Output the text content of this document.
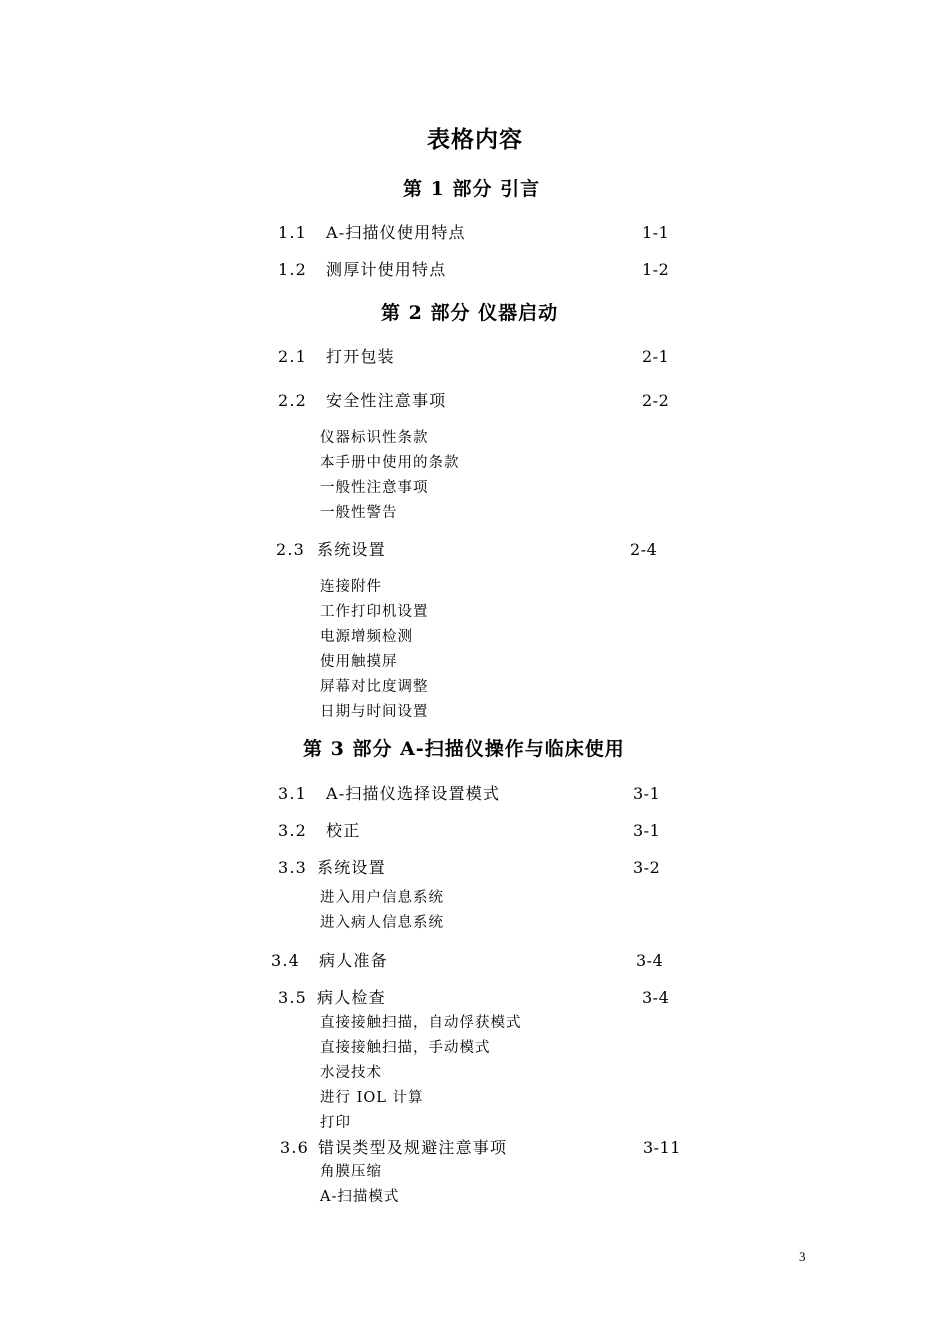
表格内容
第 1 部分 引言
1.1 A-扫描仪使用特点	1-1
1.2 测厚计使用特点	1-2
第 2 部分 仪器启动
2.1 打开包装	2-1
2.2 安全性注意事项	2-2
仪器标识性条款
本手册中使用的条款
一般性注意事项
一般性警告
2.3 系统设置	2-4
连接附件
工作打印机设置
电源增频检测
使用触摸屏
屏幕对比度调整
日期与时间设置
第 3 部分 A-扫描仪操作与临床使用
3.1 A-扫描仪选择设置模式	3-1
3.2 校正	3-1
3.3 系统设置	3-2
进入用户信息系统
进入病人信息系统
3.4 病人准备	3-4
3.5 病人检查	3-4
直接接触扫描，自动俘获模式
直接接触扫描，手动模式
水浸技术
进行 IOL 计算
打印
3.6 错误类型及规避注意事项	3-11
角膜压缩
A-扫描模式
3
